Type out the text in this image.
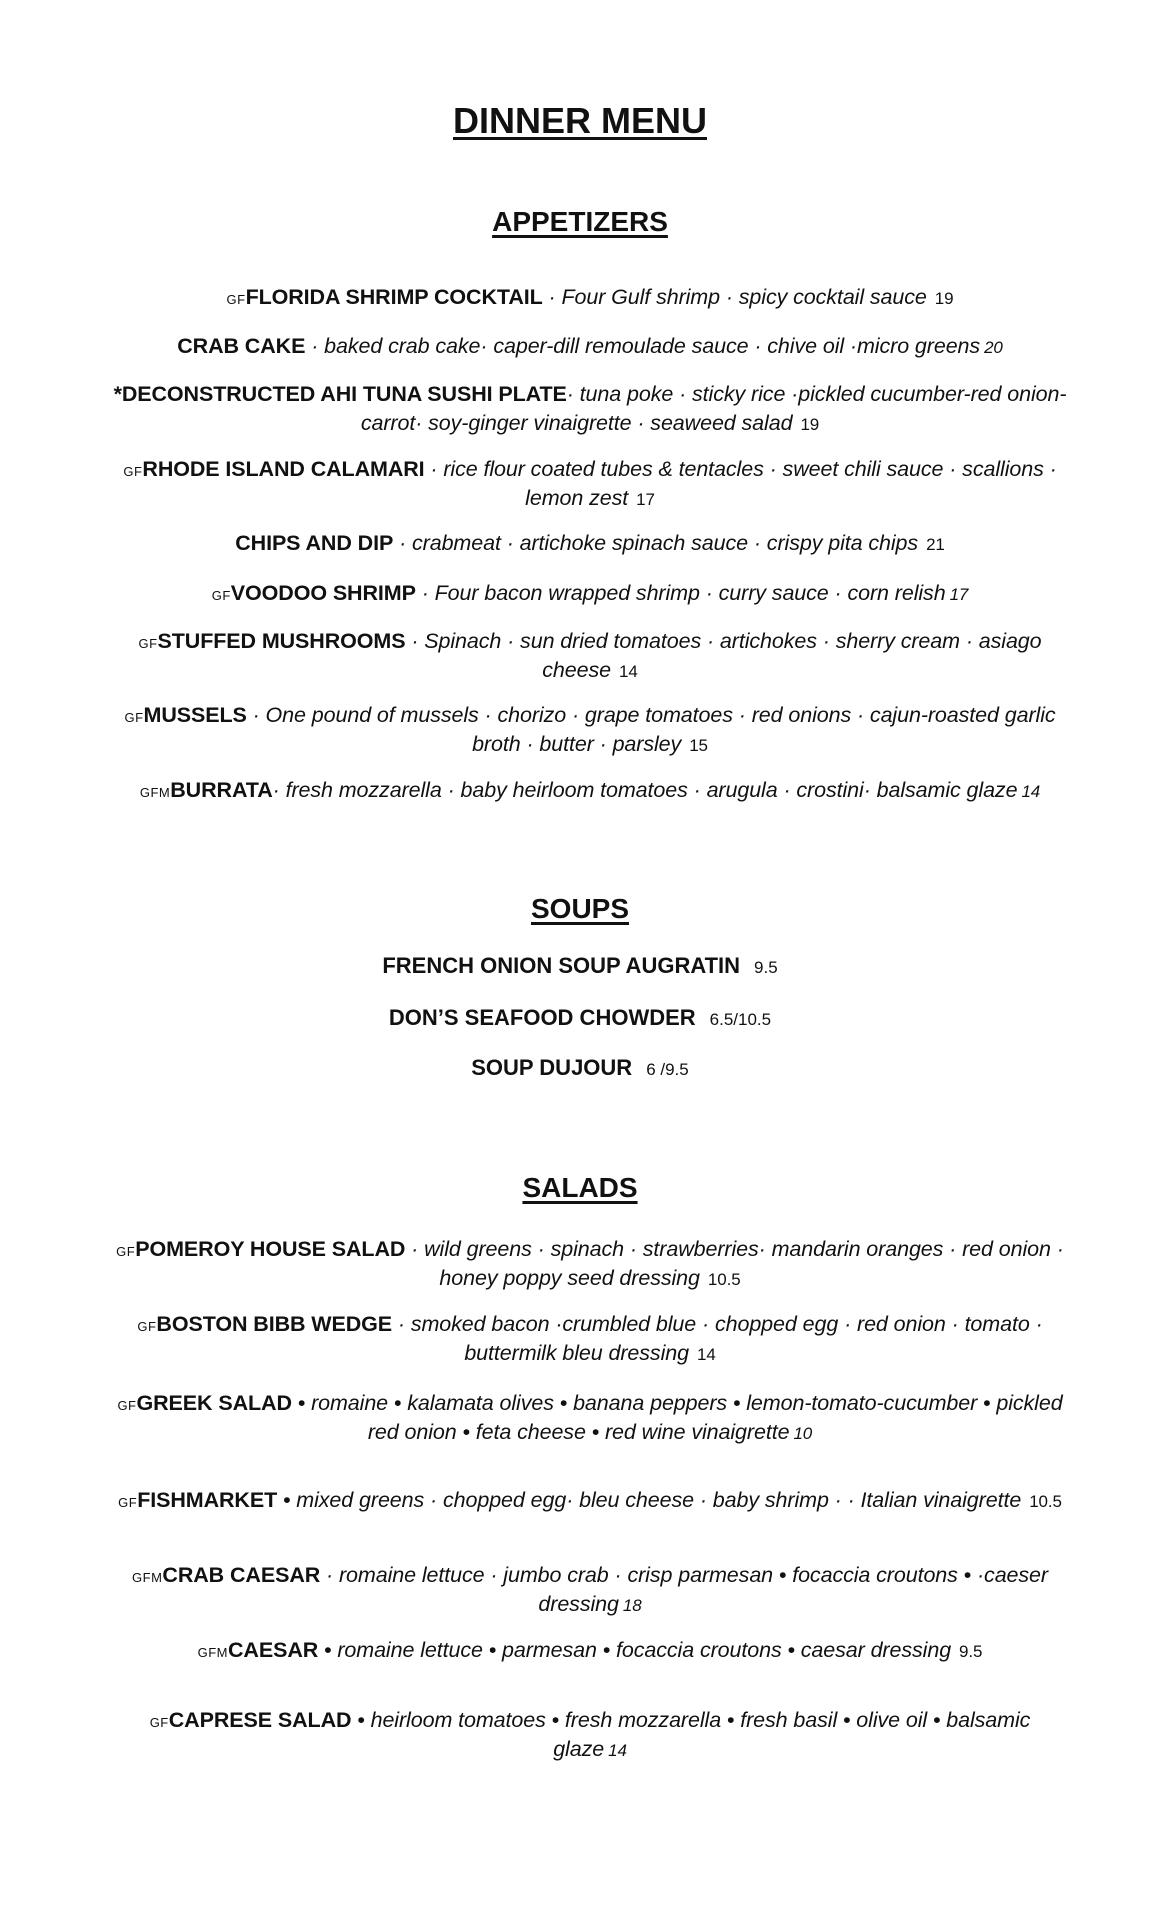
DINNER MENU
APPETIZERS
GFFLORIDA SHRIMP COCKTAIL · Four Gulf shrimp · spicy cocktail sauce 19
CRAB CAKE · baked crab cake· caper-dill remoulade sauce · chive oil ·micro greens 20
*DECONSTRUCTED AHI TUNA SUSHI PLATE· tuna poke · sticky rice ·pickled cucumber-red onion-carrot· soy-ginger vinaigrette · seaweed salad 19
GFRHODE ISLAND CALAMARI · rice flour coated tubes & tentacles · sweet chili sauce · scallions · lemon zest 17
CHIPS AND DIP · crabmeat · artichoke spinach sauce · crispy pita chips 21
GFVOODOO SHRIMP · Four bacon wrapped shrimp · curry sauce · corn relish 17
GFSTUFFED MUSHROOMS · Spinach · sun dried tomatoes · artichokes · sherry cream · asiago cheese 14
GFMUSSELS · One pound of mussels · chorizo · grape tomatoes · red onions · cajun-roasted garlic broth · butter · parsley 15
GFMBURRATA· fresh mozzarella · baby heirloom tomatoes · arugula · crostini· balsamic glaze 14
SOUPS
FRENCH ONION SOUP AUGRATIN 9.5
DON’S SEAFOOD CHOWDER 6.5/10.5
SOUP DUJOUR 6 /9.5
SALADS
GFPOMEROY HOUSE SALAD · wild greens · spinach · strawberries· mandarin oranges · red onion · honey poppy seed dressing 10.5
GFBOSTON BIBB WEDGE · smoked bacon ·crumbled blue · chopped egg · red onion · tomato · buttermilk bleu dressing 14
GFGREEK SALAD • romaine • kalamata olives • banana peppers • lemon-tomato-cucumber • pickled red onion • feta cheese • red wine vinaigrette 10
GFFISHMARKET • mixed greens · chopped egg· bleu cheese · baby shrimp · · Italian vinaigrette 10.5
GFMCRAB CAESAR · romaine lettuce · jumbo crab · crisp parmesan • focaccia croutons • ·caeser dressing 18
GFMCAESAR • romaine lettuce • parmesan • focaccia croutons • caesar dressing 9.5
GFCAPRESE SALAD • heirloom tomatoes • fresh mozzarella • fresh basil • olive oil • balsamic glaze 14
